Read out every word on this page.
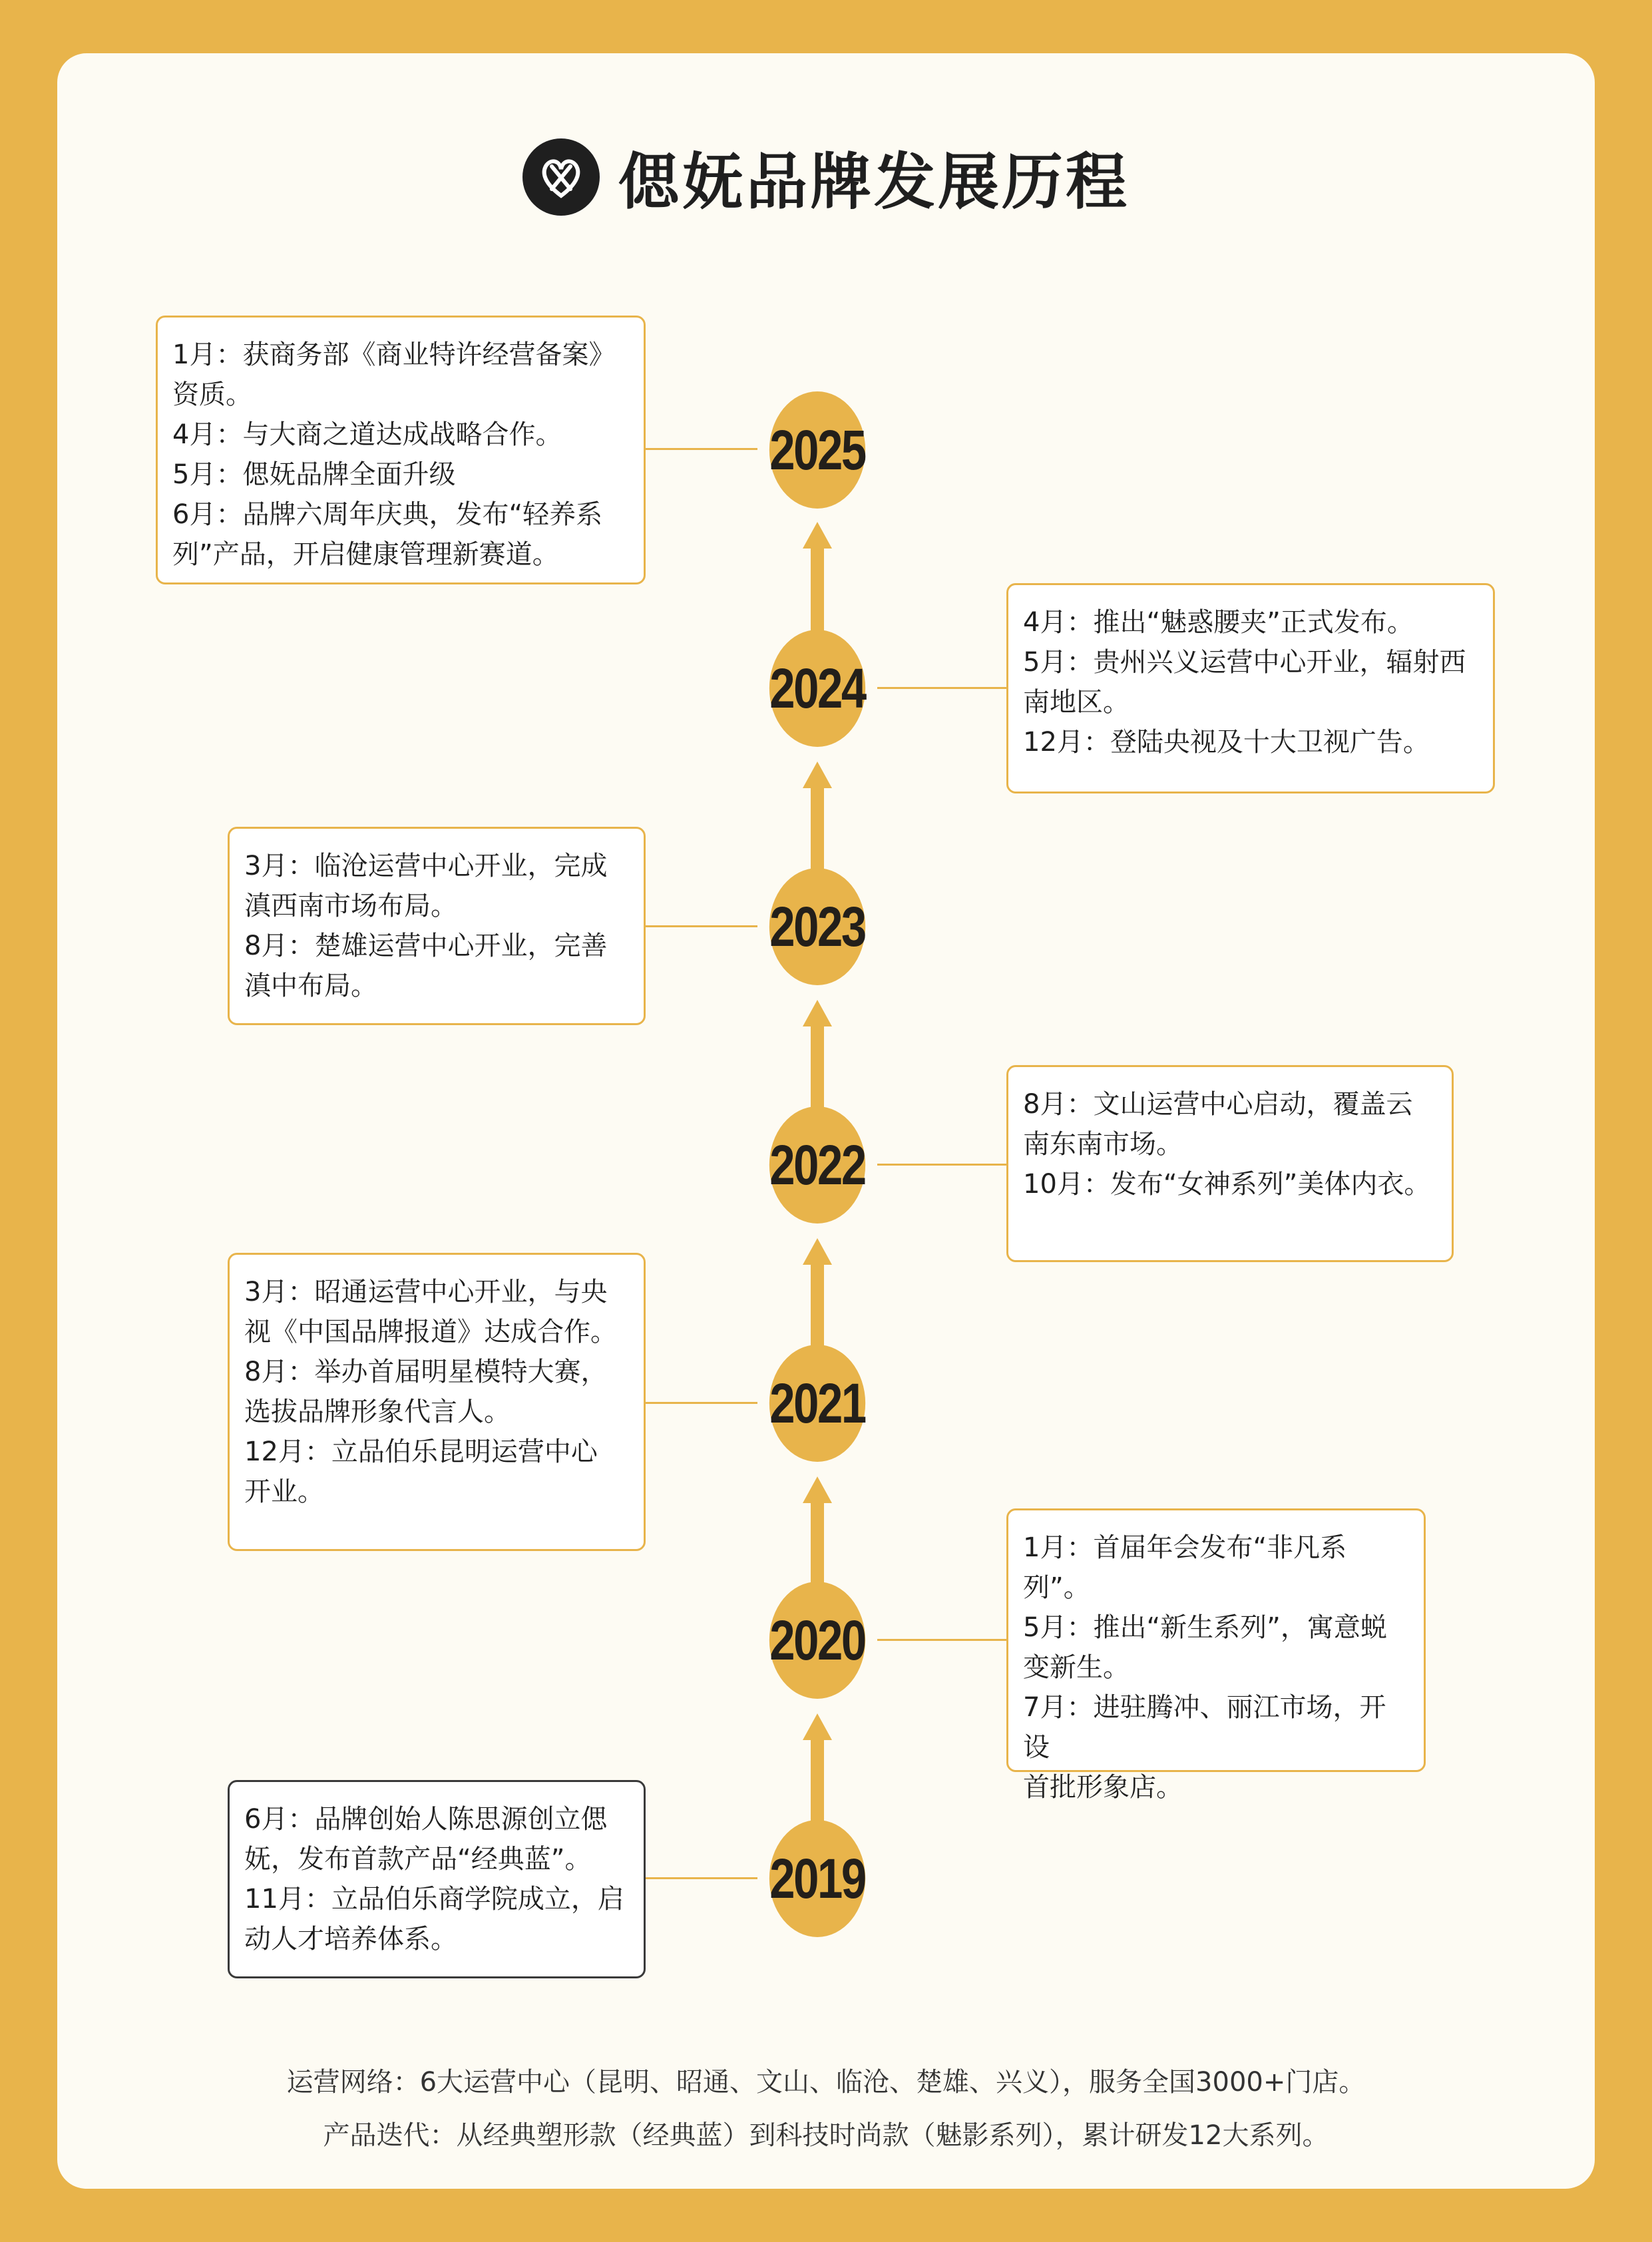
偲妩品牌发展历程
2025
2024
2023
2022
2021
2020
2019
1月：获商务部《商业特许经营备案》
资质。
4月：与大商之道达成战略合作。
5月：偲妩品牌全面升级
6月：品牌六周年庆典，发布“轻养系
列”产品，开启健康管理新赛道。
4月：推出“魅惑腰夹”正式发布。
5月：贵州兴义运营中心开业，辐射西
南地区。
12月：登陆央视及十大卫视广告。
3月：临沧运营中心开业，完成
滇西南市场布局。
8月：楚雄运营中心开业，完善
滇中布局。
8月：文山运营中心启动，覆盖云
南东南市场。
10月：发布“女神系列”美体内衣。
3月：昭通运营中心开业，与央
视《中国品牌报道》达成合作。
8月：举办首届明星模特大赛，
选拔品牌形象代言人。
12月：立品伯乐昆明运营中心
开业。
1月：首届年会发布“非凡系
列”。
5月：推出“新生系列”，寓意蜕
变新生。
7月：进驻腾冲、丽江市场，开设
首批形象店。
6月：品牌创始人陈思源创立偲
妩，发布首款产品“经典蓝”。
11月：立品伯乐商学院成立，启
动人才培养体系。
运营网络：6大运营中心（昆明、昭通、文山、临沧、楚雄、兴义），服务全国3000+门店。
产品迭代：从经典塑形款（经典蓝）到科技时尚款（魅影系列），累计研发12大系列。
